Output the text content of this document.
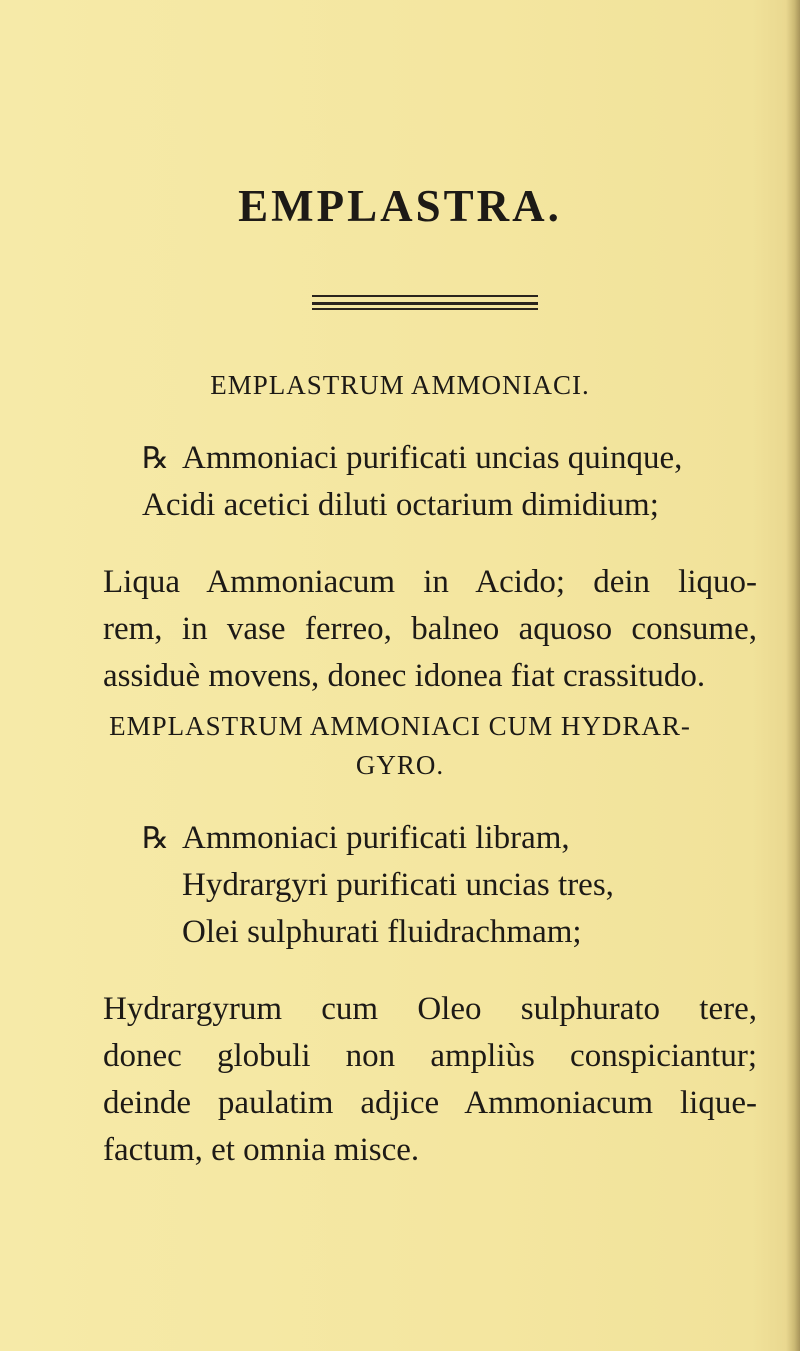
EMPLASTRA.
EMPLASTRUM AMMONIACI.
℞ Ammoniaci purificati uncias quinque,
Acidi acetici diluti octarium dimidium;
Liqua Ammoniacum in Acido; dein liquo-
rem, in vase ferreo, balneo aquoso consume,
assiduè movens, donec idonea fiat crassitudo.
EMPLASTRUM AMMONIACI CUM HYDRAR-
GYRO.
℞ Ammoniaci purificati libram,
Hydrargyri purificati uncias tres,
Olei sulphurati fluidrachmam;
Hydrargyrum cum Oleo sulphurato tere,
donec globuli non ampliùs conspiciantur;
deinde paulatim adjice Ammoniacum lique-
factum, et omnia misce.
